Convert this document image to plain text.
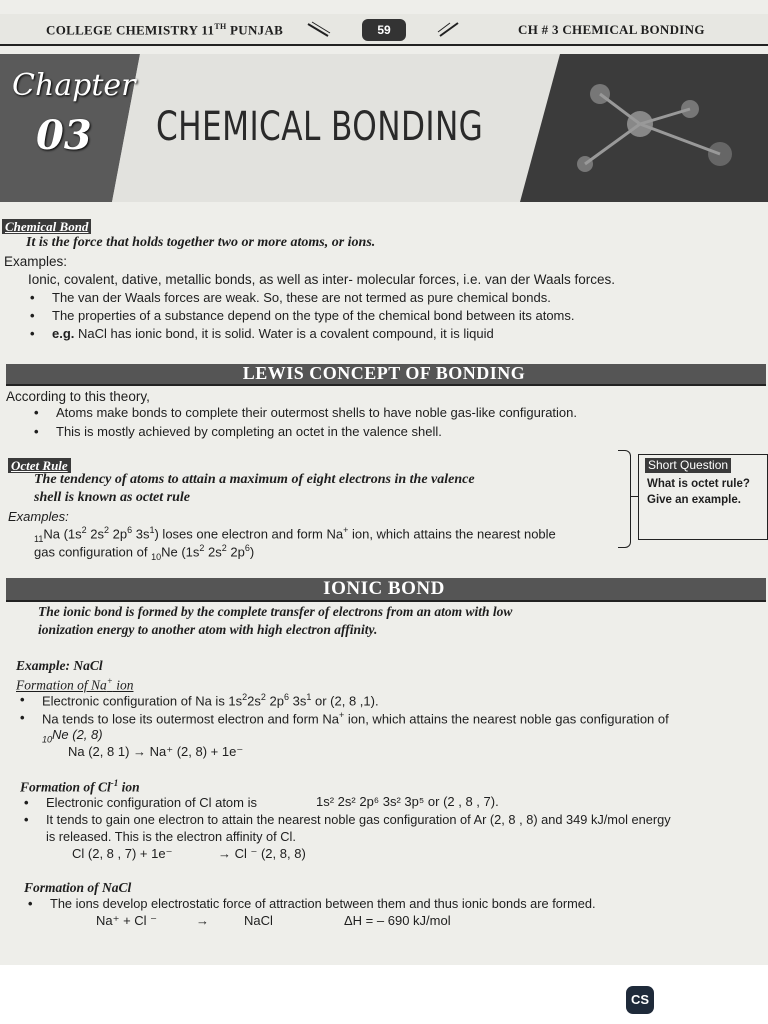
COLLEGE CHEMISTRY 11TH PUNJAB	59	CH # 3 CHEMICAL BONDING
Chapter
03 CHEMICAL BONDING
Chemical Bond
It is the force that holds together two or more atoms, or ions.
Examples:
Ionic, covalent, dative, metallic bonds, as well as inter- molecular forces, i.e. van der Waals forces.
• The van der Waals forces are weak. So, these are not termed as pure chemical bonds.
• The properties of a substance depend on the type of the chemical bond between its atoms.
• e.g. NaCl has ionic bond, it is solid. Water is a covalent compound, it is liquid
LEWIS CONCEPT OF BONDING
According to this theory,
• Atoms make bonds to complete their outermost shells to have noble gas-like configuration.
• This is mostly achieved by completing an octet in the valence shell.
Octet Rule
The tendency of atoms to attain a maximum of eight electrons in the valence
shell is known as octet rule
Examples:
$_{11}$Na ($1s^2$ $2s^2$ $2p^6$ $3s^1$) loses one electron and form Na+ ion, which attains the nearest noble
gas configuration of $_{10}$Ne ($1s^2$ $2s^2$ $2p^6$)
Short Question
What is octet rule? Give an example.
IONIC BOND
The ionic bond is formed by the complete transfer of electrons from an atom with low
ionization energy to another atom with high electron affinity.
Example: NaCl
Formation of Na+ ion
• Electronic configuration of Na is $1s^22s^2$ $2p^6$ $3s^1$ or (2, 8 ,1).
• Na tends to lose its outermost electron and form Na+ ion, which attains the nearest noble gas configuration of
$_{10}$Ne (2, 8)
Na (2, 8 1) → Na⁺ (2, 8) + 1e⁻
Formation of $Cl^{-1}$ ion
• Electronic configuration of Cl atom is	1s² 2s² 2p⁶ 3s² 3p⁵ or (2 , 8 , 7).
• It tends to gain one electron to attain the nearest noble gas configuration of Ar (2, 8 , 8) and 349 kJ/mol energy
is released. This is the electron affinity of Cl.
Cl (2, 8 , 7) + 1e⁻	→ Cl ⁻ (2, 8, 8)
Formation of NaCl
• The ions develop electrostatic force of attraction between them and thus ionic bonds are formed.
Na⁺ + Cl ⁻	→	NaCl	ΔH = – 690 kJ/mol
CS
